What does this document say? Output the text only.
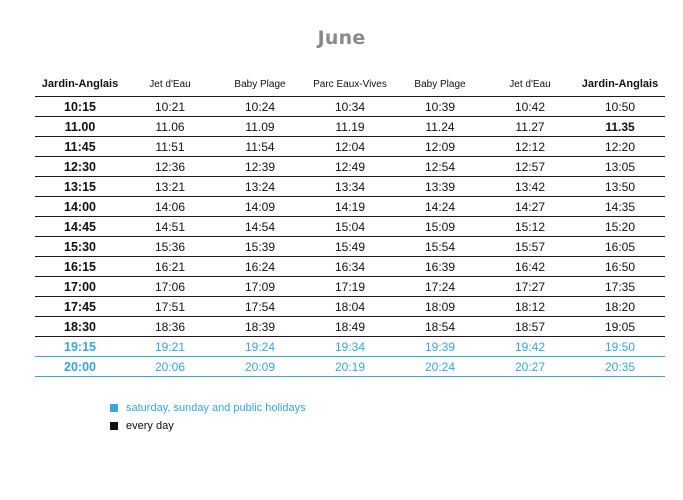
June
Jardin-Anglais	Jet d'Eau	Baby Plage	Parc Eaux-Vives	Baby Plage	Jet d'Eau	Jardin-Anglais
10:15	10:21	10:24	10:34	10:39	10:42	10:50
11.00	11.06	11.09	11.19	11.24	11.27	11.35
11:45	11:51	11:54	12:04	12:09	12:12	12:20
12:30	12:36	12:39	12:49	12:54	12:57	13:05
13:15	13:21	13:24	13:34	13:39	13:42	13:50
14:00	14:06	14:09	14:19	14:24	14:27	14:35
14:45	14:51	14:54	15:04	15:09	15:12	15:20
15:30	15:36	15:39	15:49	15:54	15:57	16:05
16:15	16:21	16:24	16:34	16:39	16:42	16:50
17:00	17:06	17:09	17:19	17:24	17:27	17:35
17:45	17:51	17:54	18:04	18:09	18:12	18:20
18:30	18:36	18:39	18:49	18:54	18:57	19:05
19:15	19:21	19:24	19:34	19:39	19:42	19:50
20:00	20:06	20:09	20:19	20:24	20:27	20:35
saturday, sunday and public holidays
every day
